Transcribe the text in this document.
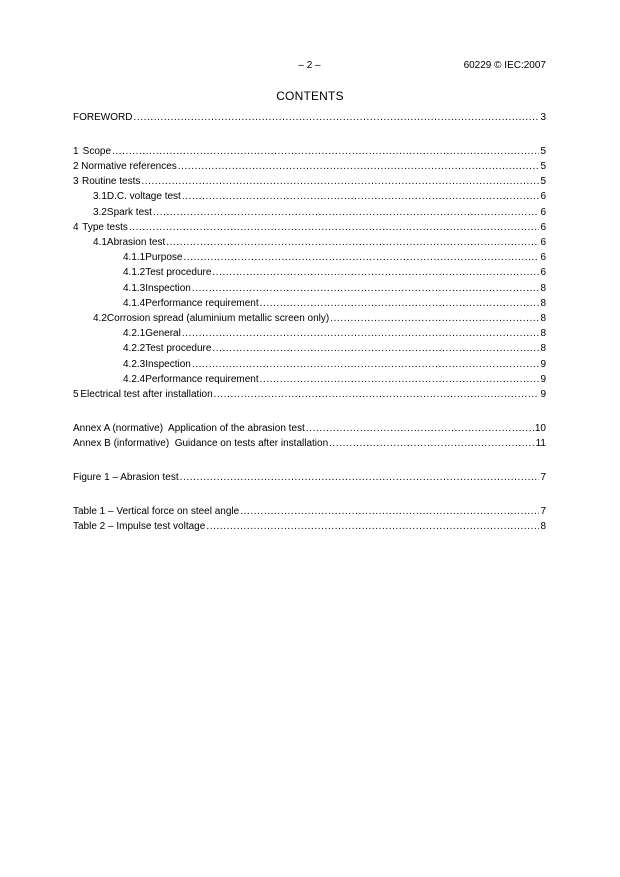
– 2 –	60229 © IEC:2007
CONTENTS
FOREWORD .....	3
1 Scope .....	5
2 Normative references .....	5
3 Routine tests .....	5
3.1 D.C. voltage test .....	6
3.2 Spark test .....	6
4 Type tests .....	6
4.1 Abrasion test .....	6
4.1.1 Purpose .....	6
4.1.2 Test procedure .....	6
4.1.3 Inspection .....	8
4.1.4 Performance requirement .....	8
4.2 Corrosion spread (aluminium metallic screen only) .....	8
4.2.1 General .....	8
4.2.2 Test procedure .....	8
4.2.3 Inspection .....	9
4.2.4 Performance requirement .....	9
5 Electrical test after installation .....	9
Annex A (normative)  Application of the abrasion test .....	10
Annex B (informative)  Guidance on tests after installation .....	11
Figure 1 – Abrasion test .....	7
Table 1 – Vertical force on steel angle .....	7
Table 2 – Impulse test voltage .....	8
